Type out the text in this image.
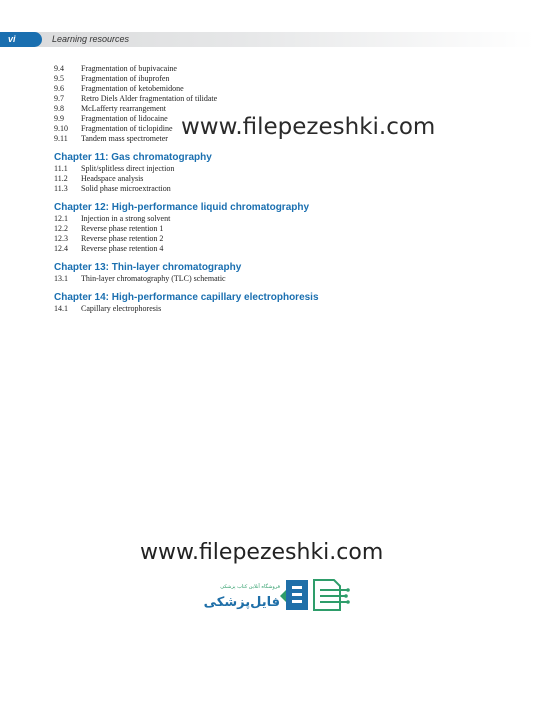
vi	Learning resources
9.4 Fragmentation of bupivacaine
9.5 Fragmentation of ibuprofen
9.6 Fragmentation of ketobemidone
9.7 Retro Diels Alder fragmentation of tilidate
9.8 McLafferty rearrangement
9.9 Fragmentation of lidocaine
9.10 Fragmentation of ticlopidine
9.11 Tandem mass spectrometer
Chapter 11: Gas chromatography
11.1 Split/splitless direct injection
11.2 Headspace analysis
11.3 Solid phase microextraction
Chapter 12: High-performance liquid chromatography
12.1 Injection in a strong solvent
12.2 Reverse phase retention 1
12.3 Reverse phase retention 2
12.4 Reverse phase retention 4
Chapter 13: Thin-layer chromatography
13.1 Thin-layer chromatography (TLC) schematic
Chapter 14: High-performance capillary electrophoresis
14.1 Capillary electrophoresis
www.filepezeshki.com
www.filepezeshki.com
فایل‌پزشکی
فروشگاه آنلاین کتاب پزشکی
